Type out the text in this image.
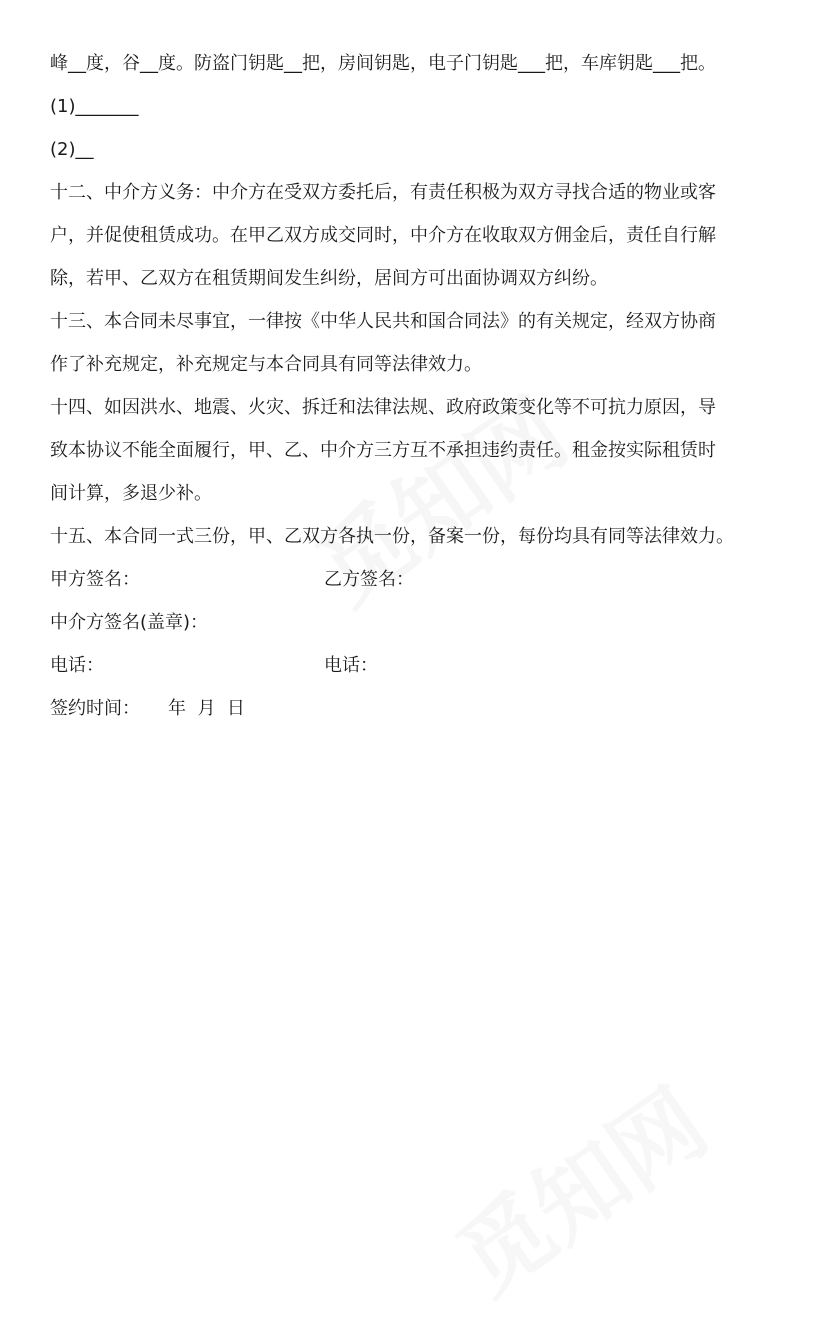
峰__度，谷__度。防盗门钥匙__把，房间钥匙，电子门钥匙___把，车库钥匙___把。

(1)_______

(2)__

十二、中介方义务：中介方在受双方委托后，有责任积极为双方寻找合适的物业或客

户，并促使租赁成功。在甲乙双方成交同时，中介方在收取双方佣金后，责任自行解

除，若甲、乙双方在租赁期间发生纠纷，居间方可出面协调双方纠纷。

十三、本合同未尽事宜，一律按《中华人民共和国合同法》的有关规定，经双方协商

作了补充规定，补充规定与本合同具有同等法律效力。

十四、如因洪水、地震、火灾、拆迁和法律法规、政府政策变化等不可抗力原因，导

致本协议不能全面履行，甲、乙、中介方三方互不承担违约责任。租金按实际租赁时

间计算，多退少补。

十五、本合同一式三份，甲、乙双方各执一份，备案一份，每份均具有同等法律效力。

甲方签名：

	乙方签名：

中介方签名(盖章)：

电话：

	电话：

签约时间：

年  月  日
